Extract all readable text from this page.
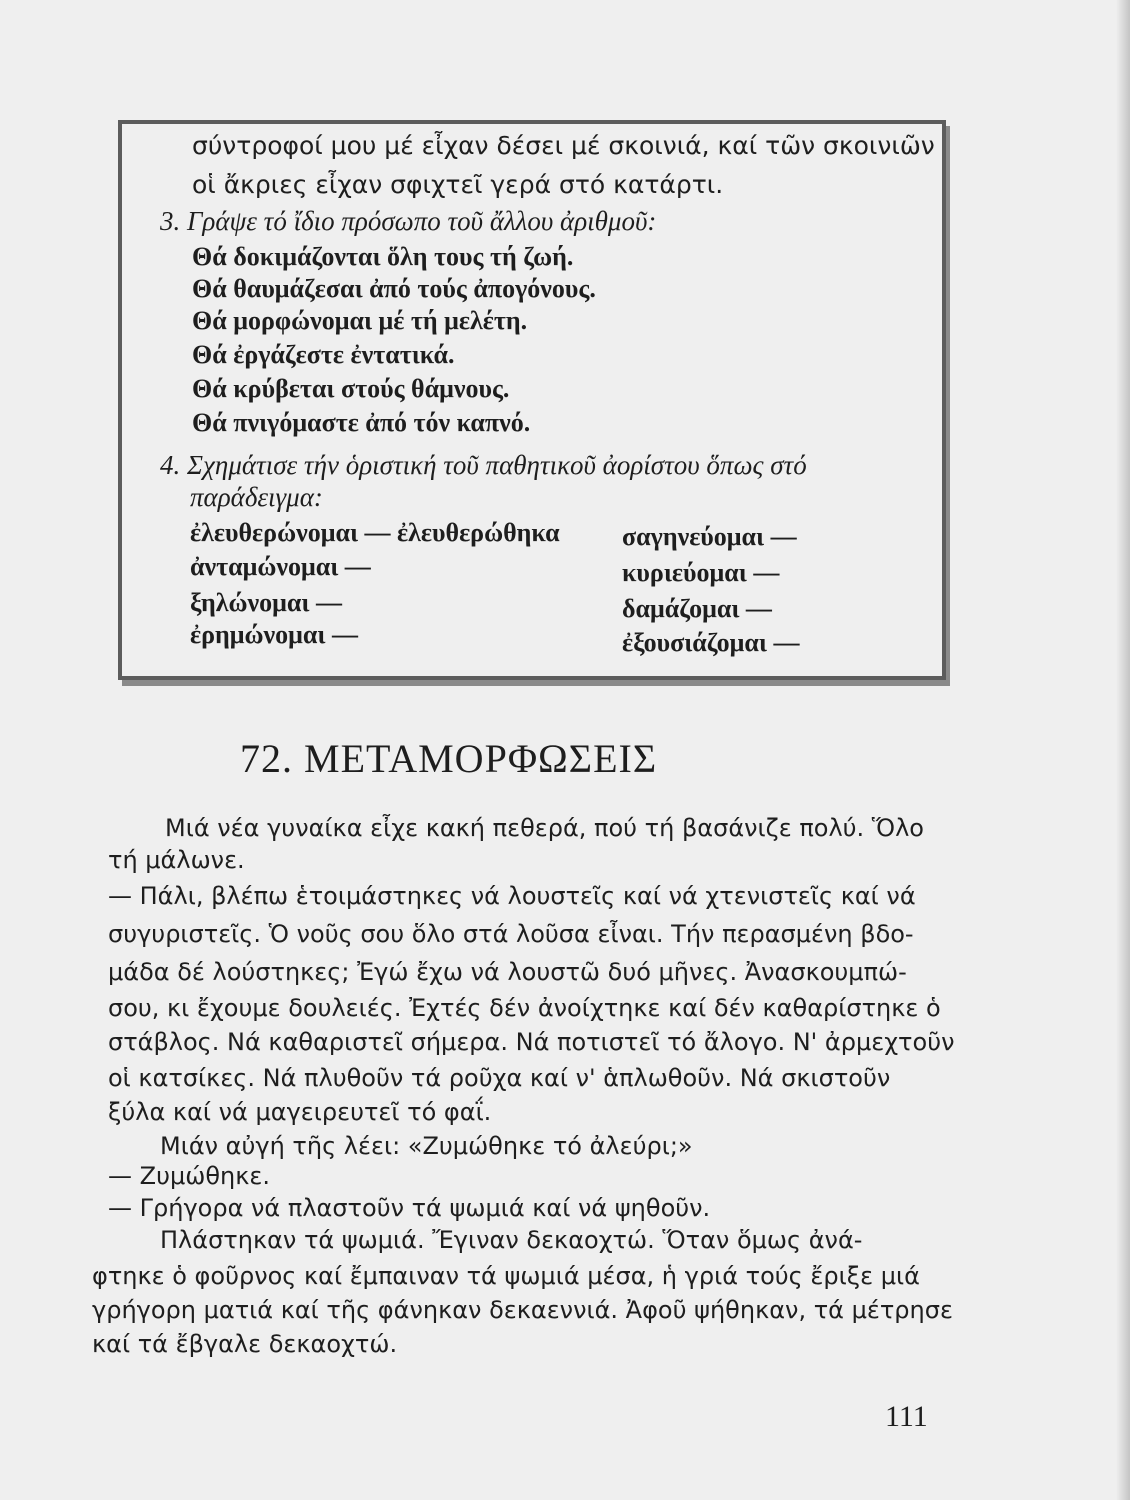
σύντροφοί μου μέ εἶχαν δέσει μέ σκοινιά, καί τῶν σκοινιῶν
οἱ ἄκριες εἶχαν σφιχτεῖ γερά στό κατάρτι.
3. Γράψε τό ἴδιο πρόσωπο τοῦ ἄλλου ἀριθμοῦ:
Θά δοκιμάζονται ὅλη τους τή ζωή.
Θά θαυμάζεσαι ἀπό τούς ἀπογόνους.
Θά μορφώνομαι μέ τή μελέτη.
Θά ἐργάζεστε ἐντατικά.
Θά κρύβεται στούς θάμνους.
Θά πνιγόμαστε ἀπό τόν καπνό.
4. Σχημάτισε τήν ὁριστική τοῦ παθητικοῦ ἀορίστου ὅπως στό
παράδειγμα:
ἐλευθερώνομαι — ἐλευθερώθηκα
ἀνταμώνομαι —
ξηλώνομαι —
ἐρημώνομαι —
σαγηνεύομαι —
κυριεύομαι —
δαμάζομαι —
ἐξουσιάζομαι —
72. ΜΕΤΑΜΟΡΦΩΣΕΙΣ
Μιά νέα γυναίκα εἶχε κακή πεθερά, πού τή βασάνιζε πολύ. Ὅλο
τή μάλωνε.
— Πάλι, βλέπω ἑτοιμάστηκες νά λουστεῖς καί νά χτενιστεῖς καί νά
συγυριστεῖς. Ὁ νοῦς σου ὅλο στά λοῦσα εἶναι. Τήν περασμένη βδο-
μάδα δέ λούστηκες; Ἐγώ ἔχω νά λουστῶ δυό μῆνες. Ἀνασκουμπώ-
σου, κι ἔχουμε δουλειές. Ἐχτές δέν ἀνοίχτηκε καί δέν καθαρίστηκε ὁ
στάβλος. Νά καθαριστεῖ σήμερα. Νά ποτιστεῖ τό ἄλογο. Ν' ἀρμεχτοῦν
οἱ κατσίκες. Νά πλυθοῦν τά ροῦχα καί ν' ἁπλωθοῦν. Νά σκιστοῦν
ξύλα καί νά μαγειρευτεῖ τό φαΐ.
Μιάν αὐγή τῆς λέει: «Ζυμώθηκε τό ἀλεύρι;»
— Ζυμώθηκε.
— Γρήγορα νά πλαστοῦν τά ψωμιά καί νά ψηθοῦν.
Πλάστηκαν τά ψωμιά. Ἔγιναν δεκαοχτώ. Ὅταν ὅμως ἀνά-
φτηκε ὁ φοῦρνος καί ἔμπαιναν τά ψωμιά μέσα, ἡ γριά τούς ἔριξε μιά
γρήγορη ματιά καί τῆς φάνηκαν δεκαεννιά. Ἀφοῦ ψήθηκαν, τά μέτρησε
καί τά ἔβγαλε δεκαοχτώ.
111
